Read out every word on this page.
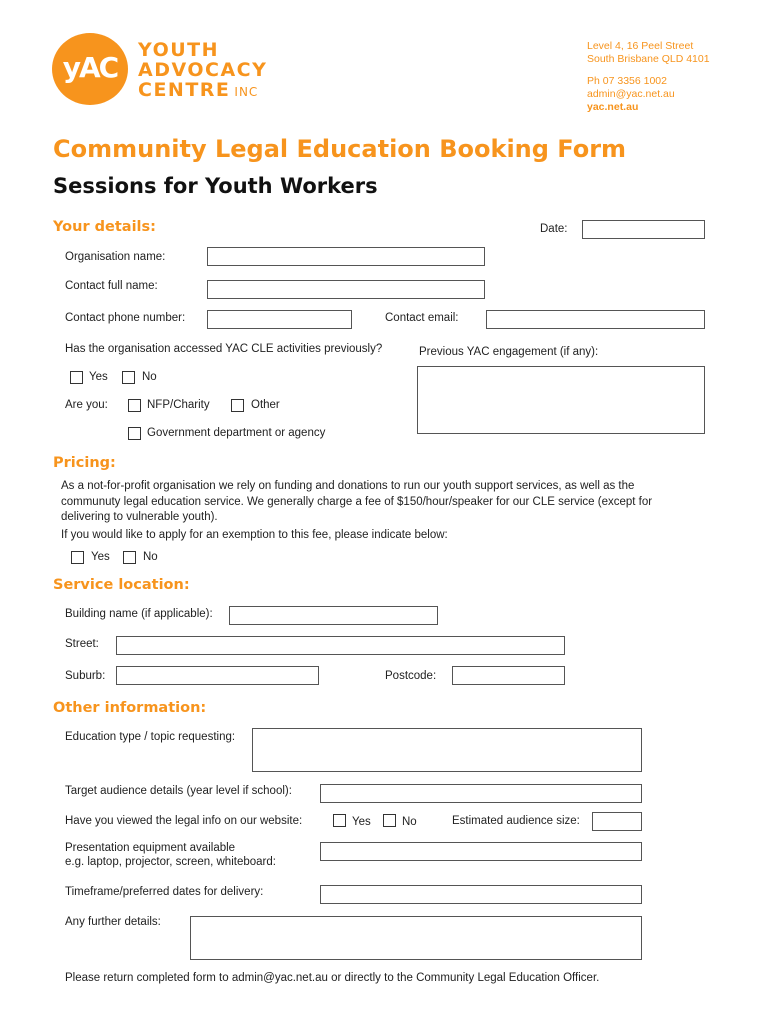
yAC
YOUTH
ADVOCACY
CENTRE INC
Level 4, 16 Peel Street
South Brisbane QLD 4101
Ph 07 3356 1002
admin@yac.net.au
yac.net.au
Community Legal Education Booking Form
Sessions for Youth Workers
Your details:	Date:
Organisation name:
Contact full name:
Contact phone number:	Contact email:
Has the organisation accessed YAC CLE activities previously?	Previous YAC engagement (if any):
Yes	No
Are you:	NFP/Charity	Other
Government department or agency
Pricing:
As a not-for-profit organisation we rely on funding and donations to run our youth support services, as well as the
communuty legal education service. We generally charge a fee of $150/hour/speaker for our CLE service (except for
delivering to vulnerable youth).
If you would like to apply for an exemption to this fee, please indicate below:
Yes	No
Service location:
Building name (if applicable):
Street:
Suburb:	Postcode:
Other information:
Education type / topic requesting:
Target audience details (year level if school):
Have you viewed the legal info on our website:	Yes	No	Estimated audience size:
Presentation equipment available
e.g. laptop, projector, screen, whiteboard:
Timeframe/preferred dates for delivery:
Any further details:
Please return completed form to admin@yac.net.au or directly to the Community Legal Education Officer.
